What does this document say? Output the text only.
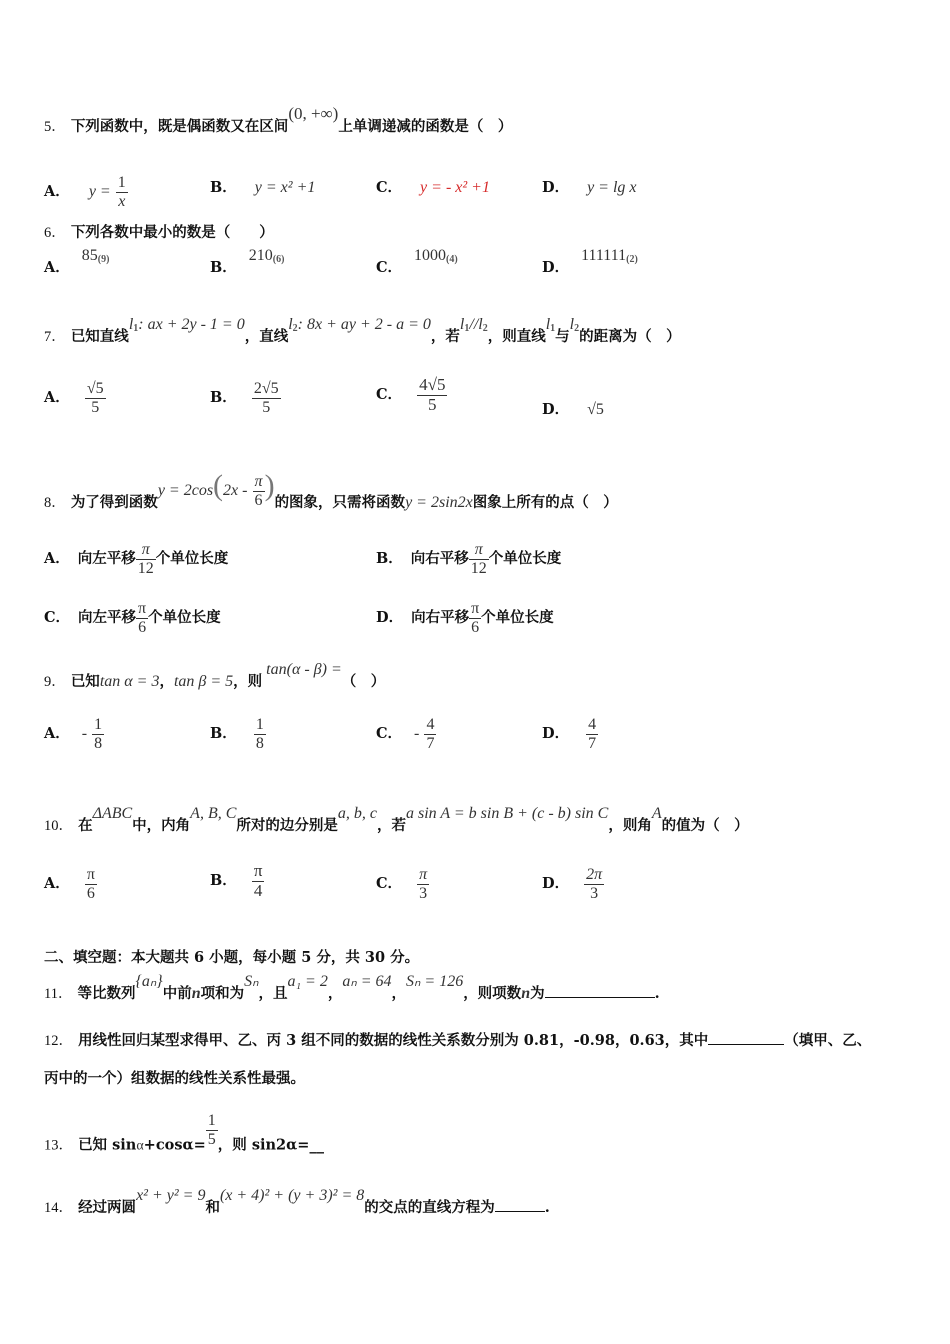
5． 下列函数中，既是偶函数又在区间(0, +∞)上单调递减的函数是（　）
A． $y = \frac{1}{x}$	B． y = x² +1	C． y = - x² +1	D． y = lg x
6． 下列各数中最小的数是（　　）
A．85$^{(9)}$	B．210$^{(6)}$	C．1000$^{(4)}$	D．111111$^{(2)}$
7． 已知直线$l_1$: ax + 2y - 1 = 0，直线$l_2$: 8x + ay + 2 - a = 0，若$l_1//l_2$，则直线$l_1$与$l_2$的距离为（　）
A． $\frac{√5}{5}$	B． $\frac{2√5}{5}$	C． $\frac{4√5}{5}$	D． √5
8． 为了得到函数$y = 2\cos(2x - \frac{\pi}{6}$ )的图象，只需将函数y = 2sin2x图象上所有的点（　）
A． 向左平移 $\frac{\pi}{12}$ 个单位长度	B． 向右平移 $\frac{\pi}{12}$ 个单位长度
C． 向左平移 $\frac{\pi}{6}$ 个单位长度	D． 向右平移 $\frac{\pi}{6}$ 个单位长度
9． 已知tan α = 3，tan β = 5，则tan(α - β) =（　）
A． - $\frac{1}{8}$	B． $\frac{1}{8}$	C． - $\frac{4}{7}$	D． $\frac{4}{7}$
10． 在ΔABC中，内角A, B, C所对的边分别是a, b, c，若a sin A = b sin B + (c - b) sin C，则角A的值为（　）
A． $\frac{\pi}{6}$	B． $\frac{\pi}{4}$	C． $\frac{\pi}{3}$	D． $\frac{2\pi}{3}$
二、填空题：本大题共 6 小题，每小题 5 分，共 30 分。
11． 等比数列{aₙ}中前n项和为Sₙ，且a₁ = 2，aₙ = 64，Sₙ = 126，则项数n为	.
12． 用线性回归某型求得甲、乙、丙 3 组不同的数据的线性关系数分别为 0.81，-0.98，0.63，其中	（填甲、乙、
丙中的一个）组数据的线性关系性最强。
13． 已知 $\sin\alpha+\cos\alpha= \frac{1}{5}$ ，则 sin2α=__
14． 经过两圆x² + y² = 9和(x + 4)² + (y + 3)² = 8的交点的直线方程为	.
